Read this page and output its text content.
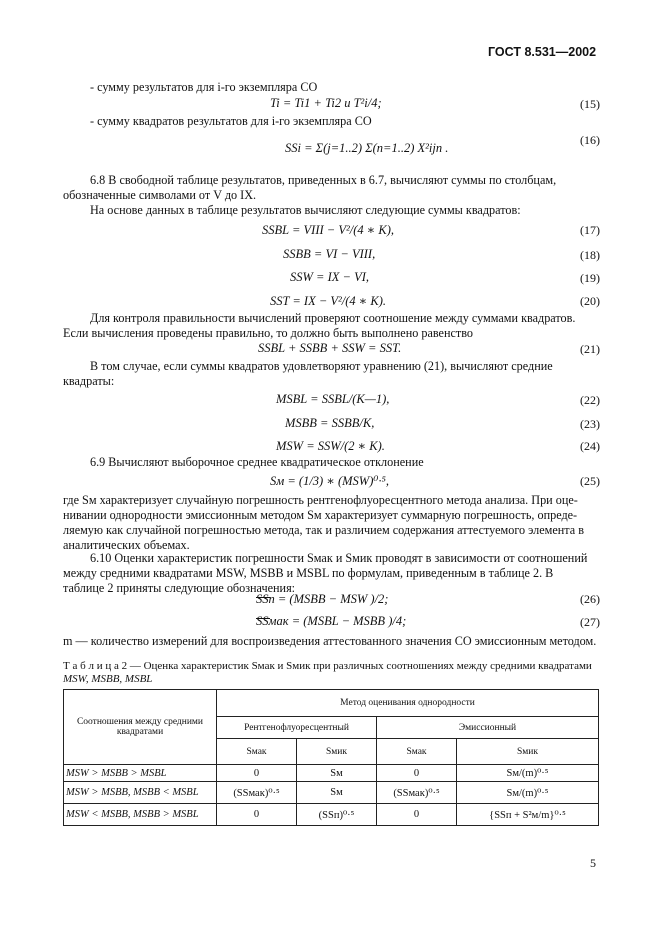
ГОСТ 8.531—2002
- сумму результатов для i-го экземпляра СО
Ti = Ti1 + Ti2 и T²i/4;	(15)
- сумму квадратов результатов для i-го экземпляра СО
SSi = Σ(j=1..2) Σ(n=1..2) X²ijn .
(16)
6.8 В свободной таблице результатов, приведенных в 6.7, вычисляют суммы по столбцам,
обозначенные символами от V до IX.
На основе данных в таблице результатов вычисляют следующие суммы квадратов:
SSBL = VIII − V²/(4 ∗ K),	(17)
SSBB = VI − VIII,	(18)
SSW = IX − VI,	(19)
SST = IX − V²/(4 ∗ K).	(20)
Для контроля правильности вычислений проверяют соотношение между суммами квадратов.
Если вычисления проведены правильно, то должно быть выполнено равенство
SSBL + SSBB + SSW = SST.	(21)
В том случае, если суммы квадратов удовлетворяют уравнению (21), вычисляют средние
квадраты:
MSBL = SSBL/(K—1),	(22)
MSBB = SSBB/K,	(23)
MSW = SSW/(2 ∗ K).	(24)
6.9 Вычисляют выборочное среднее квадратическое отклонение
Sм = (1/3) ∗ (MSW)⁰·⁵,	(25)
где Sм характеризует случайную погрешность рентгенофлуоресцентного метода анализа. При оце-
нивании однородности эмиссионным методом Sм характеризует суммарную погрешность, опреде-
ляемую как случайной погрешностью метода, так и различием содержания аттестуемого элемента в
аналитических объемах.
6.10 Оценки характеристик погрешности Sмак и Sмик проводят в зависимости от соотношений
между средними квадратами MSW, MSBB и MSBL по формулам, приведенным в таблице 2. В
таблице 2 приняты следующие обозначения:
SSп = (MSBB − MSW )/2;	(26)
SSмак = (MSBL − MSBB )/4;	(27)
m — количество измерений для воспроизведения аттестованного значения СО эмиссионным методом.
Т а б л и ц а 2 — Оценка характеристик Sмак и Sмик при различных соотношениях между средними квадратами
MSW, MSBB, MSBL
Соотношения между средними квадратами	Метод оценивания однородности			
	Рентгенофлуоресцентный		Эмиссионный	
	Sмак	Sмик	Sмак	Sмик
MSW > MSBB > MSBL	0	Sм	0	Sм/(m)⁰·⁵
MSW > MSBB, MSBB < MSBL	(SSмак)⁰·⁵	Sм	(SSмак)⁰·⁵	Sм/(m)⁰·⁵
MSW < MSBB, MSBB > MSBL	0	(SSп)⁰·⁵	0	{SSп + S²м/m}⁰·⁵
5
